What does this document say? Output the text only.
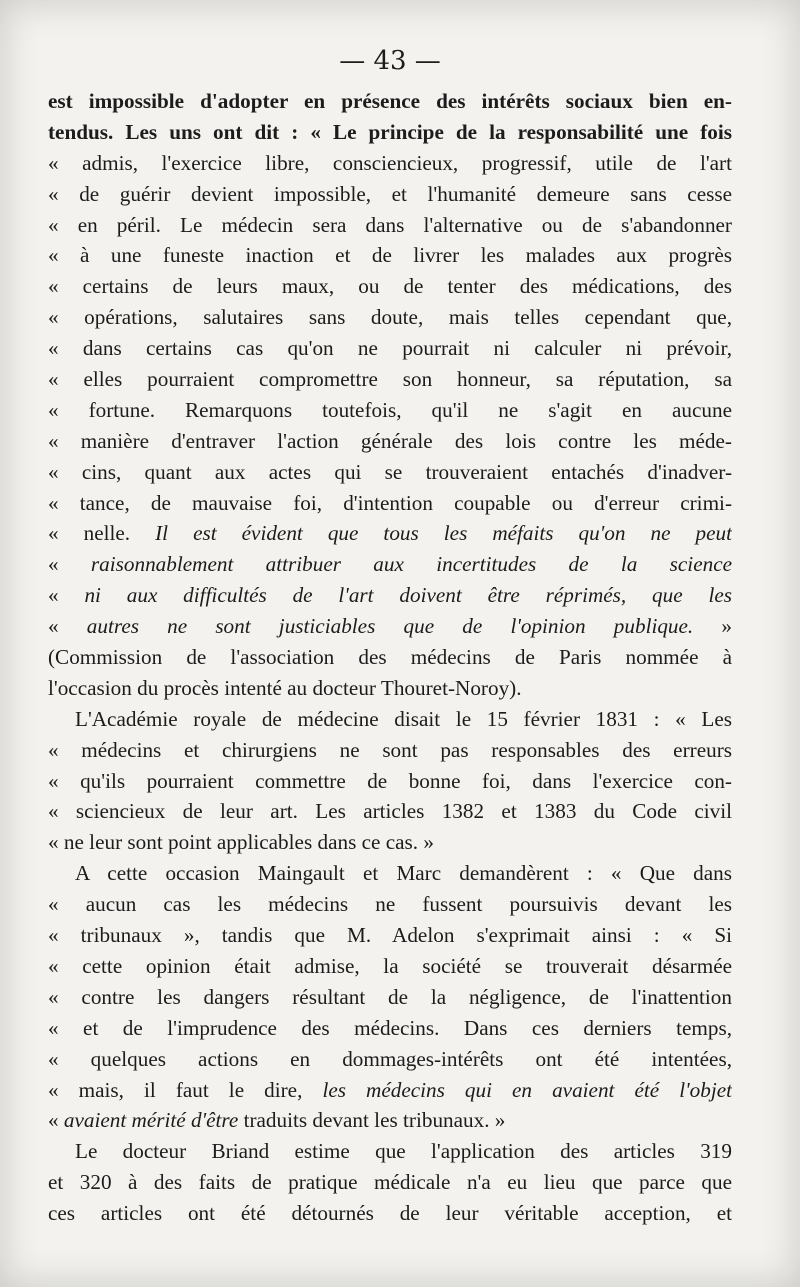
— 43 —
est impossible d'adopter en présence des intérêts sociaux bien en-
tendus. Les uns ont dit : « Le principe de la responsabilité une fois
« admis, l'exercice libre, consciencieux, progressif, utile de l'art
« de guérir devient impossible, et l'humanité demeure sans cesse
« en péril. Le médecin sera dans l'alternative ou de s'abandonner
« à une funeste inaction et de livrer les malades aux progrès
« certains de leurs maux, ou de tenter des médications, des
« opérations, salutaires sans doute, mais telles cependant que,
« dans certains cas qu'on ne pourrait ni calculer ni prévoir,
« elles pourraient compromettre son honneur, sa réputation, sa
« fortune. Remarquons toutefois, qu'il ne s'agit en aucune
« manière d'entraver l'action générale des lois contre les méde-
« cins, quant aux actes qui se trouveraient entachés d'inadver-
« tance, de mauvaise foi, d'intention coupable ou d'erreur crimi-
« nelle. Il est évident que tous les méfaits qu'on ne peut
« raisonnablement attribuer aux incertitudes de la science
« ni aux difficultés de l'art doivent être réprimés, que les
« autres ne sont justiciables que de l'opinion publique. »
(Commission de l'association des médecins de Paris nommée à
l'occasion du procès intenté au docteur Thouret-Noroy).
L'Académie royale de médecine disait le 15 février 1831 : « Les
« médecins et chirurgiens ne sont pas responsables des erreurs
« qu'ils pourraient commettre de bonne foi, dans l'exercice con-
« sciencieux de leur art. Les articles 1382 et 1383 du Code civil
« ne leur sont point applicables dans ce cas. »
A cette occasion Maingault et Marc demandèrent : « Que dans
« aucun cas les médecins ne fussent poursuivis devant les
« tribunaux », tandis que M. Adelon s'exprimait ainsi : « Si
« cette opinion était admise, la société se trouverait désarmée
« contre les dangers résultant de la négligence, de l'inattention
« et de l'imprudence des médecins. Dans ces derniers temps,
« quelques actions en dommages-intérêts ont été intentées,
« mais, il faut le dire, les médecins qui en avaient été l'objet
« avaient mérité d'être traduits devant les tribunaux. »
Le docteur Briand estime que l'application des articles 319
et 320 à des faits de pratique médicale n'a eu lieu que parce que
ces articles ont été détournés de leur véritable acception, et
